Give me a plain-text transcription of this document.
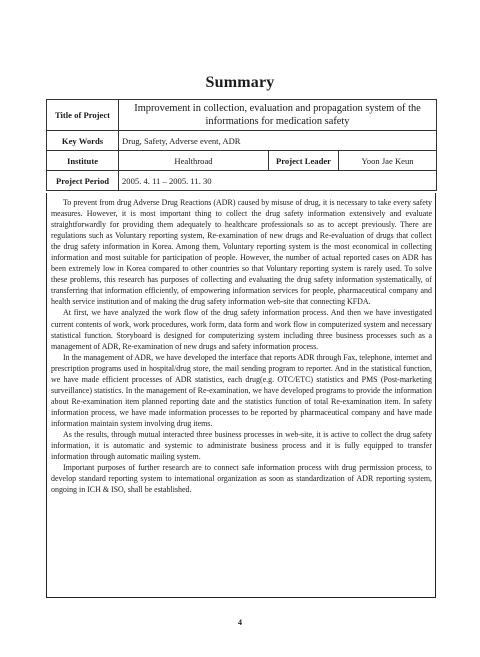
Summary
Title of Project	Improvement in collection, evaluation and propagation system of the informations for medication safety		
Key Words	Drug, Safety, Adverse event, ADR		
Institute	Healthroad	Project Leader	Yoon Jae Keun
Project Period	2005. 4. 11 – 2005. 11. 30		

To prevent from drug Adverse Drug Reactions (ADR) caused by misuse of drug, it is necessary to take every safety measures. However, it is most important thing to collect the drug safety information extensively and evaluate straightforwardly for providing them adequately to healthcare professionals so as to accept previously. There are regulations such as Voluntary reporting system, Re-examination of new drugs and Re-evaluation of drugs that collect the drug safety information in Korea. Among them, Voluntary reporting system is the most economical in collecting information and most suitable for participation of people. However, the number of actual reported cases on ADR has been extremely low in Korea compared to other countries so that Voluntary reporting system is rarely used. To solve these problems, this research has purposes of collecting and evaluating the drug safety information systematically, of transferring that information efficiently, of empowering information services for people, pharmaceutical company and health service institution and of making the drug safety information web-site that connecting KFDA.

At first, we have analyzed the work flow of the drug safety information process. And then we have investigated current contents of work, work procedures, work form, data form and work flow in computerized system and necessary statistical function. Storyboard is designed for computerizing system including three business processes such as a management of ADR, Re-examination of new drugs and safety information process.

In the management of ADR, we have developed the interface that reports ADR through Fax, telephone, internet and prescription programs used in hospital/drug store, the mail sending program to reporter. And in the statistical function, we have made efficient processes of ADR statistics, each drug(e.g. OTC/ETC) statistics and PMS (Post-marketing surveillance) statistics. In the management of Re-examination, we have developed programs to provide the information about Re-examination item planned reporting date and the statistics function of total Re-examination item. In safety information process, we have made information processes to be reported by pharmaceutical company and have made information maintain system involving drug items.

As the results, through mutual interacted three business processes in web-site, it is active to collect the drug safety information, it is automatic and systemic to administrate business process and it is fully equipped to transfer information through automatic mailing system.

Important purposes of further research are to connect safe information process with drug permission process, to develop standard reporting system to international organization as soon as standardization of ADR reporting system, ongoing in ICH & ISO, shall be established.

4
